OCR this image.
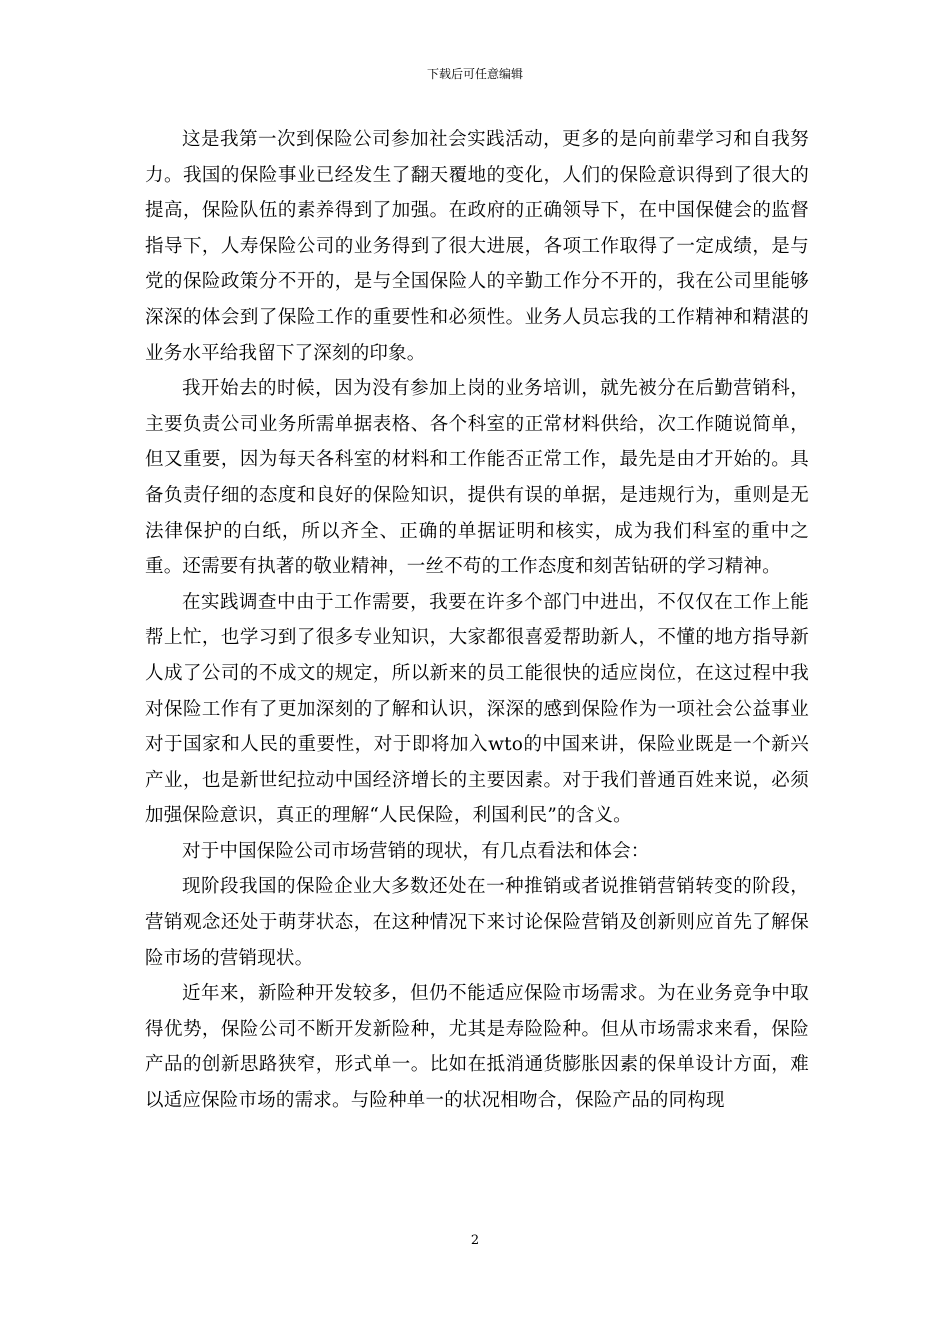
下载后可任意编辑

这是我第一次到保险公司参加社会实践活动，更多的是向前辈学习和自我努力。我国的保险事业已经发生了翻天覆地的变化，人们的保险意识得到了很大的提高，保险队伍的素养得到了加强。在政府的正确领导下，在中国保健会的监督指导下，人寿保险公司的业务得到了很大进展，各项工作取得了一定成绩，是与党的保险政策分不开的，是与全国保险人的辛勤工作分不开的，我在公司里能够深深的体会到了保险工作的重要性和必须性。业务人员忘我的工作精神和精湛的业务水平给我留下了深刻的印象。

我开始去的时候，因为没有参加上岗的业务培训，就先被分在后勤营销科，主要负责公司业务所需单据表格、各个科室的正常材料供给，次工作随说简单，但又重要，因为每天各科室的材料和工作能否正常工作，最先是由才开始的。具备负责仔细的态度和良好的保险知识，提供有误的单据，是违规行为，重则是无法律保护的白纸，所以齐全、正确的单据证明和核实，成为我们科室的重中之重。还需要有执著的敬业精神，一丝不苟的工作态度和刻苦钻研的学习精神。

在实践调查中由于工作需要，我要在许多个部门中进出，不仅仅在工作上能帮上忙，也学习到了很多专业知识，大家都很喜爱帮助新人，不懂的地方指导新人成了公司的不成文的规定，所以新来的员工能很快的适应岗位，在这过程中我对保险工作有了更加深刻的了解和认识，深深的感到保险作为一项社会公益事业对于国家和人民的重要性，对于即将加入wto的中国来讲，保险业既是一个新兴产业，也是新世纪拉动中国经济增长的主要因素。对于我们普通百姓来说，必须加强保险意识，真正的理解“人民保险，利国利民”的含义。

对于中国保险公司市场营销的现状，有几点看法和体会：

现阶段我国的保险企业大多数还处在一种推销或者说推销营销转变的阶段，营销观念还处于萌芽状态，在这种情况下来讨论保险营销及创新则应首先了解保险市场的营销现状。

近年来，新险种开发较多，但仍不能适应保险市场需求。为在业务竞争中取得优势，保险公司不断开发新险种，尤其是寿险险种。但从市场需求来看，保险产品的创新思路狭窄，形式单一。比如在抵消通货膨胀因素的保单设计方面，难以适应保险市场的需求。与险种单一的状况相吻合，保险产品的同构现

2
